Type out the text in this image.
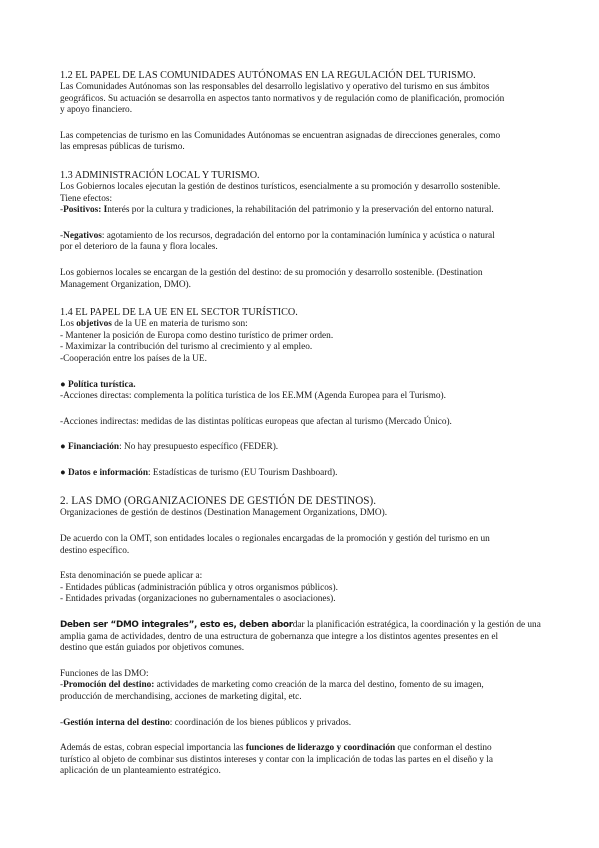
1.2 EL PAPEL DE LAS COMUNIDADES AUTÓNOMAS EN LA REGULACIÓN DEL TURISMO.
Las Comunidades Autónomas son las responsables del desarrollo legislativo y operativo del turismo en sus ámbitos
geográficos. Su actuación se desarrolla en aspectos tanto normativos y de regulación como de planificación, promoción
y apoyo financiero.
Las competencias de turismo en las Comunidades Autónomas se encuentran asignadas de direcciones generales, como
las empresas públicas de turismo.
1.3 ADMINISTRACIÓN LOCAL Y TURISMO.
Los Gobiernos locales ejecutan la gestión de destinos turísticos, esencialmente a su promoción y desarrollo sostenible.
Tiene efectos:
-Positivos: Interés por la cultura y tradiciones, la rehabilitación del patrimonio y la preservación del entorno natural.
-Negativos: agotamiento de los recursos, degradación del entorno por la contaminación lumínica y acústica o natural
por el deterioro de la fauna y flora locales.
Los gobiernos locales se encargan de la gestión del destino: de su promoción y desarrollo sostenible. (Destination
Management Organization, DMO).
1.4 EL PAPEL DE LA UE EN EL SECTOR TURÍSTICO.
Los objetivos de la UE en materia de turismo son:
- Mantener la posición de Europa como destino turístico de primer orden.
- Maximizar la contribución del turismo al crecimiento y al empleo.
-Cooperación entre los países de la UE.
● Política turística.
-Acciones directas: complementa la política turística de los EE.MM (Agenda Europea para el Turismo).
-Acciones indirectas: medidas de las distintas políticas europeas que afectan al turismo (Mercado Único).
● Financiación: No hay presupuesto específico (FEDER).
● Datos e información: Estadísticas de turismo (EU Tourism Dashboard).
2. LAS DMO (ORGANIZACIONES DE GESTIÓN DE DESTINOS).
Organizaciones de gestión de destinos (Destination Management Organizations, DMO).
De acuerdo con la OMT, son entidades locales o regionales encargadas de la promoción y gestión del turismo en un
destino específico.
Esta denominación se puede aplicar a:
- Entidades públicas (administración pública y otros organismos públicos).
- Entidades privadas (organizaciones no gubernamentales o asociaciones).
Deben ser “DMO integrales”, esto es, deben abordar la planificación estratégica, la coordinación y la gestión de una
amplia gama de actividades, dentro de una estructura de gobernanza que integre a los distintos agentes presentes en el
destino que están guiados por objetivos comunes.
Funciones de las DMO:
-Promoción del destino: actividades de marketing como creación de la marca del destino, fomento de su imagen,
producción de merchandising, acciones de marketing digital, etc.
-Gestión interna del destino: coordinación de los bienes públicos y privados.
Además de estas, cobran especial importancia las funciones de liderazgo y coordinación que conforman el destino
turístico al objeto de combinar sus distintos intereses y contar con la implicación de todas las partes en el diseño y la
aplicación de un planteamiento estratégico.
